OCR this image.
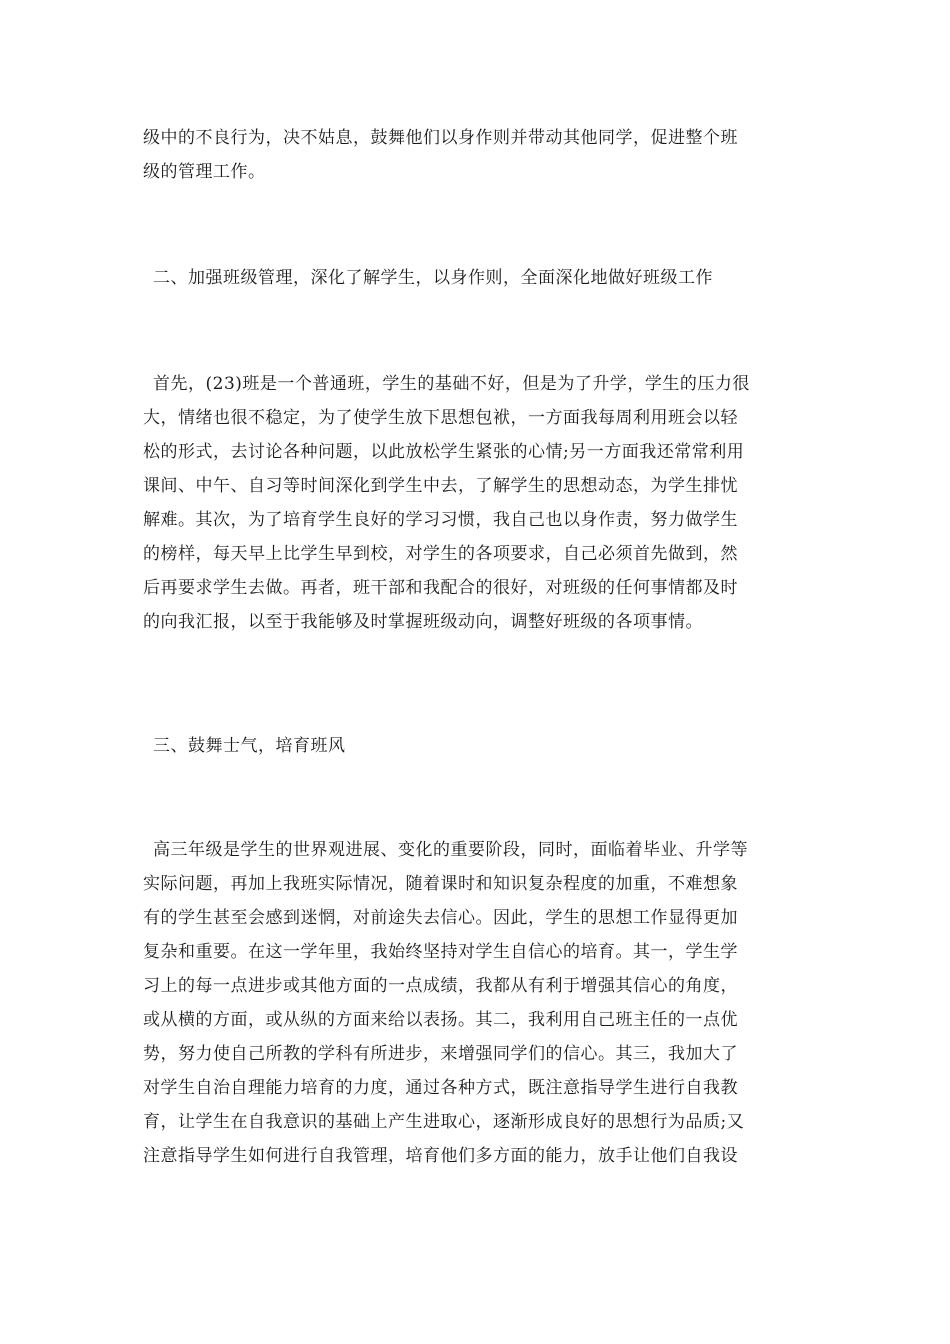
级中的不良行为，决不姑息，鼓舞他们以身作则并带动其他同学，促进整个班
级的管理工作。
二、加强班级管理，深化了解学生，以身作则，全面深化地做好班级工作
首先，(23)班是一个普通班，学生的基础不好，但是为了升学，学生的压力很
大，情绪也很不稳定，为了使学生放下思想包袱，一方面我每周利用班会以轻
松的形式，去讨论各种问题，以此放松学生紧张的心情;另一方面我还常常利用
课间、中午、自习等时间深化到学生中去，了解学生的思想动态，为学生排忧
解难。其次，为了培育学生良好的学习习惯，我自己也以身作责，努力做学生
的榜样，每天早上比学生早到校，对学生的各项要求，自己必须首先做到，然
后再要求学生去做。再者，班干部和我配合的很好，对班级的任何事情都及时
的向我汇报，以至于我能够及时掌握班级动向，调整好班级的各项事情。
三、鼓舞士气，培育班风
高三年级是学生的世界观进展、变化的重要阶段，同时，面临着毕业、升学等
实际问题，再加上我班实际情况，随着课时和知识复杂程度的加重，不难想象
有的学生甚至会感到迷惘，对前途失去信心。因此，学生的思想工作显得更加
复杂和重要。在这一学年里，我始终坚持对学生自信心的培育。其一，学生学
习上的每一点进步或其他方面的一点成绩，我都从有利于增强其信心的角度，
或从横的方面，或从纵的方面来给以表扬。其二，我利用自己班主任的一点优
势，努力使自己所教的学科有所进步，来增强同学们的信心。其三，我加大了
对学生自治自理能力培育的力度，通过各种方式，既注意指导学生进行自我教
育，让学生在自我意识的基础上产生进取心，逐渐形成良好的思想行为品质;又
注意指导学生如何进行自我管理，培育他们多方面的能力，放手让他们自我设
